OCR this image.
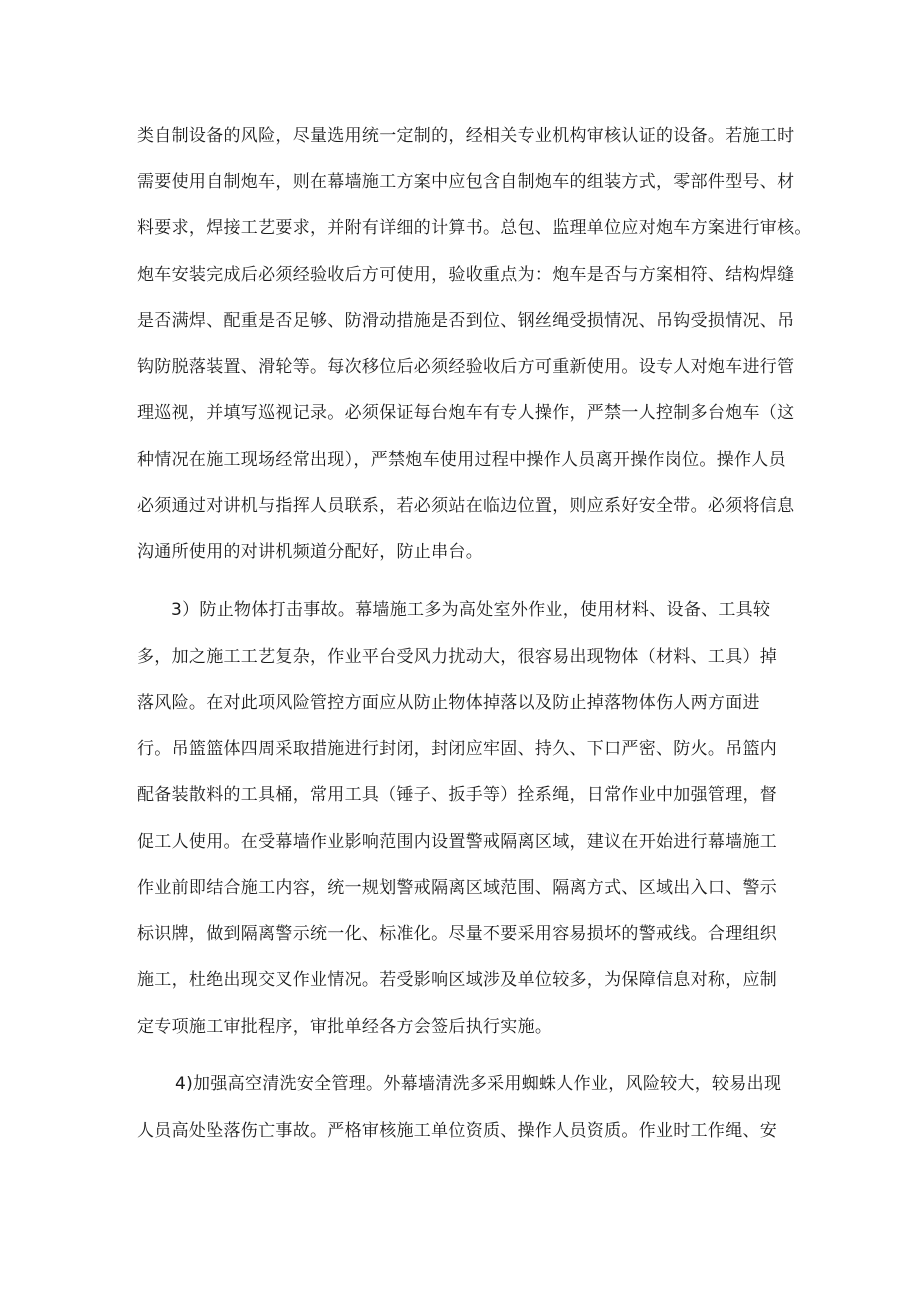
类自制设备的风险，尽量选用统一定制的，经相关专业机构审核认证的设备。若施工时
需要使用自制炮车，则在幕墙施工方案中应包含自制炮车的组装方式，零部件型号、材
料要求，焊接工艺要求，并附有详细的计算书。总包、监理单位应对炮车方案进行审核。
炮车安装完成后必须经验收后方可使用，验收重点为：炮车是否与方案相符、结构焊缝
是否满焊、配重是否足够、防滑动措施是否到位、钢丝绳受损情况、吊钩受损情况、吊
钩防脱落装置、滑轮等。每次移位后必须经验收后方可重新使用。设专人对炮车进行管
理巡视，并填写巡视记录。必须保证每台炮车有专人操作，严禁一人控制多台炮车（这
种情况在施工现场经常出现），严禁炮车使用过程中操作人员离开操作岗位。操作人员
必须通过对讲机与指挥人员联系，若必须站在临边位置，则应系好安全带。必须将信息
沟通所使用的对讲机频道分配好，防止串台。
3）防止物体打击事故。幕墙施工多为高处室外作业，使用材料、设备、工具较
多，加之施工工艺复杂，作业平台受风力扰动大，很容易出现物体（材料、工具）掉
落风险。在对此项风险管控方面应从防止物体掉落以及防止掉落物体伤人两方面进
行。吊篮篮体四周采取措施进行封闭，封闭应牢固、持久、下口严密、防火。吊篮内
配备装散料的工具桶，常用工具（锤子、扳手等）拴系绳，日常作业中加强管理，督
促工人使用。在受幕墙作业影响范围内设置警戒隔离区域，建议在开始进行幕墙施工
作业前即结合施工内容，统一规划警戒隔离区域范围、隔离方式、区域出入口、警示
标识牌，做到隔离警示统一化、标准化。尽量不要采用容易损坏的警戒线。合理组织
施工，杜绝出现交叉作业情况。若受影响区域涉及单位较多，为保障信息对称，应制
定专项施工审批程序，审批单经各方会签后执行实施。
4)加强高空清洗安全管理。外幕墙清洗多采用蜘蛛人作业，风险较大，较易出现
人员高处坠落伤亡事故。严格审核施工单位资质、操作人员资质。作业时工作绳、安
